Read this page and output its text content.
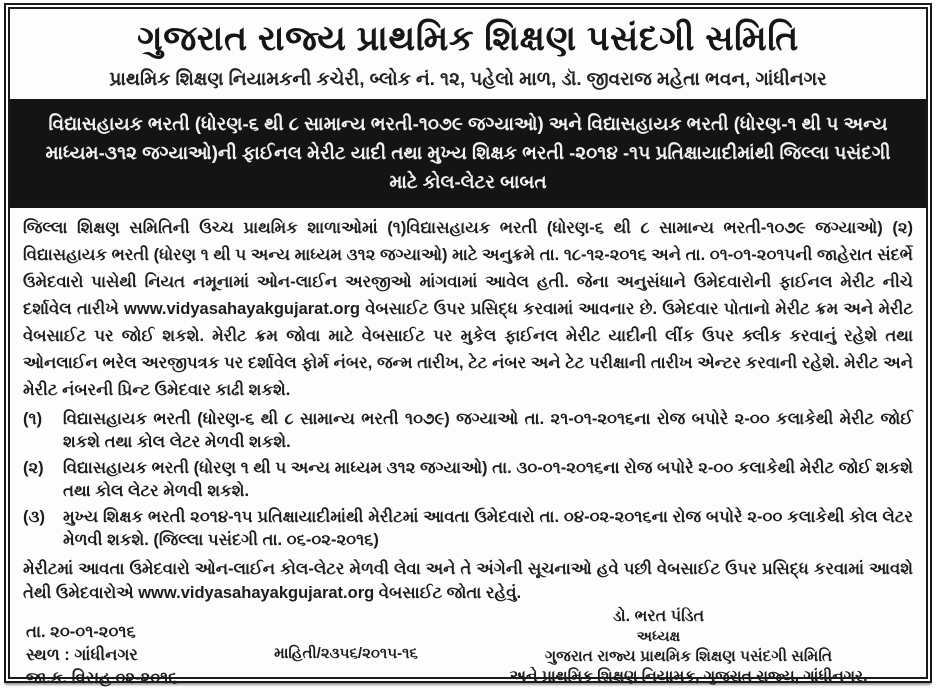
ગુજરાત રાજ્ય પ્રાથમિક શિક્ષણ પસંદગી સમિતિ
પ્રાથમિક શિક્ષણ નિયામકની કચેરી, બ્લોક નં. ૧૨, પહેલો માળ, ડૉ. જીવરાજ મહેતા ભવન, ગાંધીનગર
વિદ્યાસહાયક ભરતી (ધોરણ-૬ થી ૮ સામાન્ય ભરતી-૧૦૭૯ જગ્યાઓ) અને વિદ્યાસહાયક ભરતી (ધોરણ-૧ થી ૫ અન્ય માધ્યમ-૩૧૨ જગ્યાઓ)ની ફાઈનલ મેરીટ યાદી તથા મુખ્ય શિક્ષક ભરતી -૨૦૧૪ -૧૫ પ્રતિક્ષાયાદીમાંથી જિલ્લા પસંદગી માટે કોલ-લેટર બાબત
જિલ્લા શિક્ષણ સમિતિની ઉચ્ચ પ્રાથમિક શાળાઓમાં (૧)વિદ્યાસહાયક ભરતી (ધોરણ-૬ થી ૮ સામાન્ય ભરતી-૧૦૭૯ જગ્યાઓ) (૨) વિદ્યાસહાયક ભરતી (ધોરણ ૧ થી ૫ અન્ય માધ્યમ ૩૧૨ જગ્યાઓ) માટે અનુક્રમે તા. ૧૮-૧૨-૨૦૧૬ અને તા. ૦૧-૦૧-૨૦૧૫ની જાહેરાત સંદર્ભે ઉમેદવારો પાસેથી નિયત નમૂનામાં ઓન-લાઈન અરજીઓ માંગવામાં આવેલ હતી. જેના અનુસંધાને ઉમેદવારોની ફાઈનલ મેરીટ નીચે દર્શાવેલ તારીખે www.vidyasahayakgujarat.org વેબસાઈટ ઉપર પ્રસિદ્ધ કરવામાં આવનાર છે. ઉમેદવાર પોતાનો મેરીટ ક્રમ અને મેરીટ વેબસાઈટ પર જોઈ શકશે. મેરીટ ક્રમ જોવા માટે વેબસાઈટ પર મુકેલ ફાઈનલ મેરીટ યાદીની લીંક ઉપર ક્લીક કરવાનું રહેશે તથા ઓનલાઈન ભરેલ અરજીપત્રક પર દર્શાવેલ ફોર્મ નંબર, જન્મ તારીખ, ટેટ નંબર અને ટેટ પરીક્ષાની તારીખ એન્ટર કરવાની રહેશે. મેરીટ અને મેરીટ નંબરની પ્રિન્ટ ઉમેદવાર કાઢી શકશે.
(૧)	વિદ્યાસહાયક ભરતી (ધોરણ-૬ થી ૮ સામાન્ય ભરતી ૧૦૭૯) જગ્યાઓ તા. ૨૧-૦૧-૨૦૧૬ના રોજ બપોરે ૨-૦૦ કલાકેથી મેરીટ જોઈ શકશે તથા કોલ લેટર મેળવી શકશે.
(૨)	વિદ્યાસહાયક ભરતી (ધોરણ ૧ થી ૫ અન્ય માધ્યમ ૩૧૨ જગ્યાઓ) તા. ૩૦-૦૧-૨૦૧૬ના રોજ બપોરે ૨-૦૦ કલાકેથી મેરીટ જોઈ શકશે તથા કોલ લેટર મેળવી શકશે.
(૩)	મુખ્ય શિક્ષક ભરતી ૨૦૧૪-૧૫ પ્રતિક્ષાયાદીમાંથી મેરીટમાં આવતા ઉમેદવારો તા. ૦૪-૦૨-૨૦૧૬ના રોજ બપોરે ૨-૦૦ કલાકેથી કોલ લેટર મેળવી શકશે. (જિલ્લા પસંદગી તા. ૦૬-૦૨-૨૦૧૬)
મેરીટમાં આવતા ઉમેદવારો ઓન-લાઈન કોલ-લેટર મેળવી લેવા અને તે અંગેની સૂચનાઓ હવે પછી વેબસાઈટ ઉપર પ્રસિદ્ધ કરવામાં આવશે તેથી ઉમેદવારોએ www.vidyasahayakgujarat.org વેબસાઈટ જોતા રહેવું.
તા. ૨૦-૦૧-૨૦૧૬
સ્થળ : ગાંધીનગર
જા.ક. વિસહ ૦૨-૨૦૧૬
માહિતી/૨૩૫૬/૨૦૧૫-૧૬
ડો. ભરત પંડિત
અધ્યક્ષ
ગુજરાત રાજ્ય પ્રાથમિક શિક્ષણ પસંદગી સમિતિ
અને પ્રાથમિક શિક્ષણ નિયામક, ગુજરાત રાજ્ય, ગાંધીનગર.
